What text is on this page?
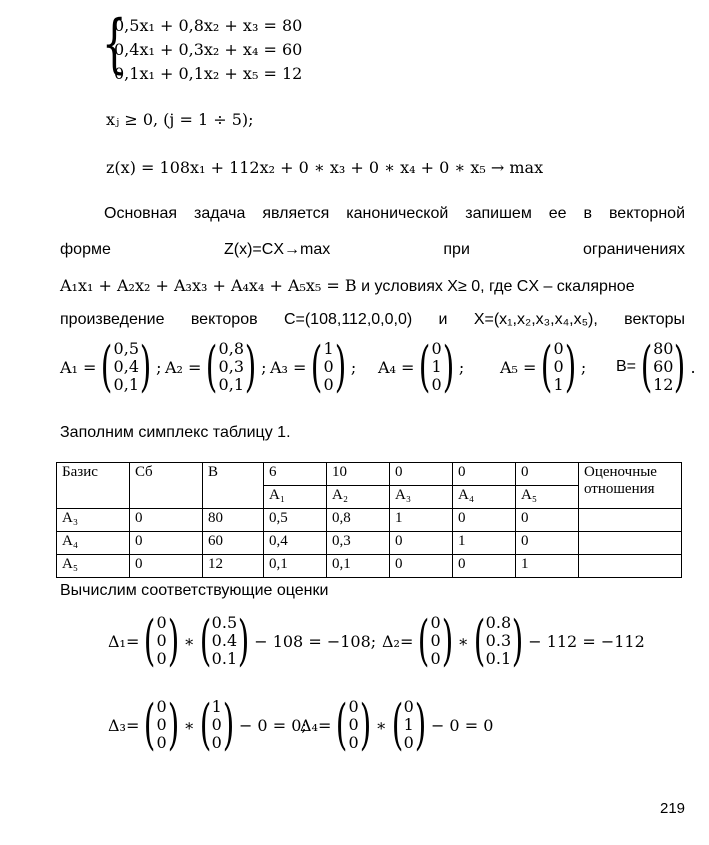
{
0,5x₁ + 0,8x₂ + x₃ = 80
0,4x₁ + 0,3x₂ + x₄ = 60
0,1x₁ + 0,1x₂ + x₅ = 12
xⱼ ≥ 0, (j = 1 ÷ 5);
z(x) = 108x₁ + 112x₂ + 0 ∗ x₃ + 0 ∗ x₄ + 0 ∗ x₅ → max
Основная задача является канонической запишем ее в векторной
форме	Z(x)=CX→max	при	ограничениях
A₁x₁ + A₂x₂ + A₃x₃ + A₄x₄ + A₅x₅ = B и условиях X≥ 0, где CX – скалярное
произведение векторов C=(108,112,0,0,0) и X=(x₁,x₂,x₃,x₄,x₅), векторы
A₁ = ( 0,5
0,4
0,1 ) ; A₂ = ( 0,8
0,3
0,1 ) ; A₃ = ( 1
0
0 ) ; A₄ = ( 0
1
0 ) ; A₅ = ( 0
0
1 ) ; B= ( 80
60
12 ) .
Заполним симплекс таблицу 1.
Базис	Cб	B	6	10	0	0	0	Оценочные отношения
			A₁	A₂	A₃	A₄	A₅	
A₃	0	80	0,5	0,8	1	0	0	
A₄	0	60	0,4	0,3	0	1	0	
A₅	0	12	0,1	0,1	0	0	1	
Вычислим соответствующие оценки
Δ₁= ( 0
0
0 ) ∗ ( 0.5
0.4
0.1 ) − 108 = −108; Δ₂= ( 0
0
0 ) ∗ ( 0.8
0.3
0.1 ) − 112 = −112
Δ₃= ( 0
0
0 ) ∗ ( 1
0
0 ) − 0 = 0;
Δ₄= ( 0
0
0 ) ∗ ( 0
1
0 ) − 0 = 0
219
